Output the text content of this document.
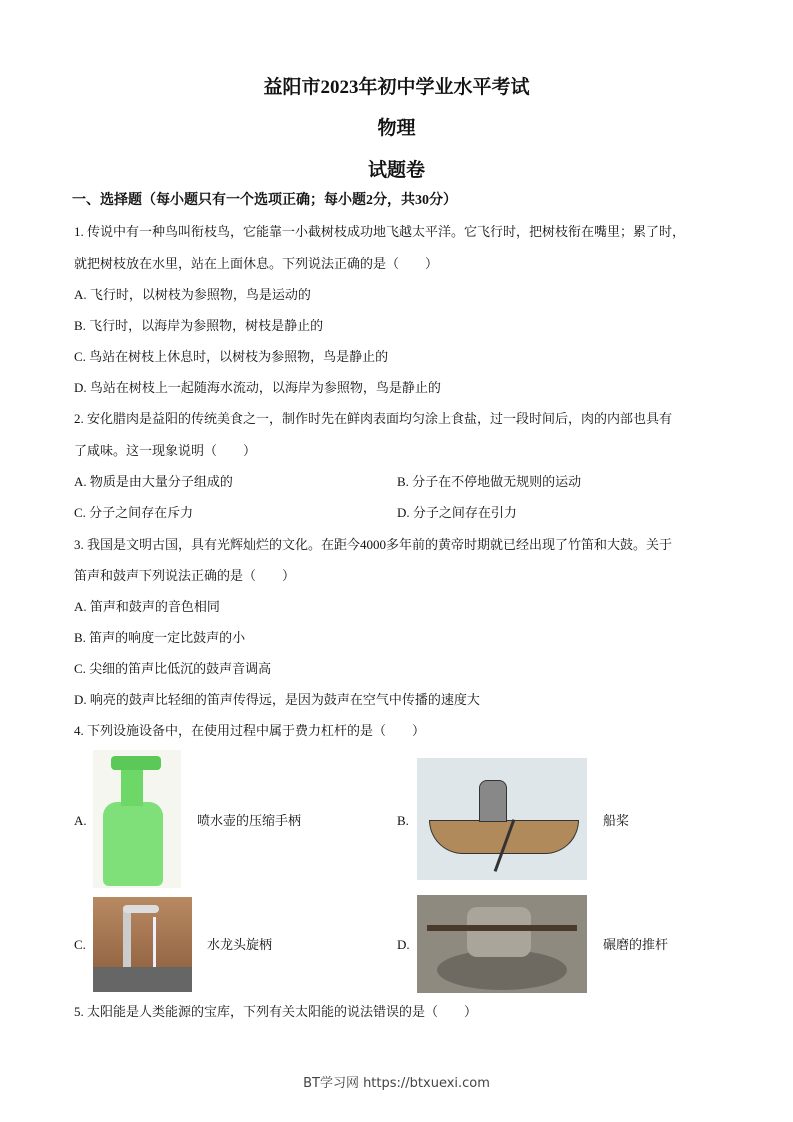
益阳市2023年初中学业水平考试
物理
试题卷
一、选择题（每小题只有一个选项正确；每小题2分，共30分）
1. 传说中有一种鸟叫衔枝鸟，它能靠一小截树枝成功地飞越太平洋。它飞行时，把树枝衔在嘴里；累了时，
就把树枝放在水里，站在上面休息。下列说法正确的是（　　）
A. 飞行时，以树枝为参照物，鸟是运动的
B. 飞行时，以海岸为参照物，树枝是静止的
C. 鸟站在树枝上休息时，以树枝为参照物，鸟是静止的
D. 鸟站在树枝上一起随海水流动，以海岸为参照物，鸟是静止的
2. 安化腊肉是益阳的传统美食之一，制作时先在鲜肉表面均匀涂上食盐，过一段时间后，肉的内部也具有
了咸味。这一现象说明（　　）
A. 物质是由大量分子组成的	B. 分子在不停地做无规则的运动
C. 分子之间存在斥力	D. 分子之间存在引力
3. 我国是文明古国，具有光辉灿烂的文化。在距今4000多年前的黄帝时期就已经出现了竹笛和大鼓。关于
笛声和鼓声下列说法正确的是（　　）
A. 笛声和鼓声的音色相同
B. 笛声的响度一定比鼓声的小
C. 尖细的笛声比低沉的鼓声音调高
D. 响亮的鼓声比轻细的笛声传得远，是因为鼓声在空气中传播的速度大
4. 下列设施设备中，在使用过程中属于费力杠杆的是（　　）
A.	喷水壶的压缩手柄	B.	船桨
C.	水龙头旋柄	D.	碾磨的推杆
5. 太阳能是人类能源的宝库，下列有关太阳能的说法错误的是（　　）
BT学习网 https://btxuexi.com
